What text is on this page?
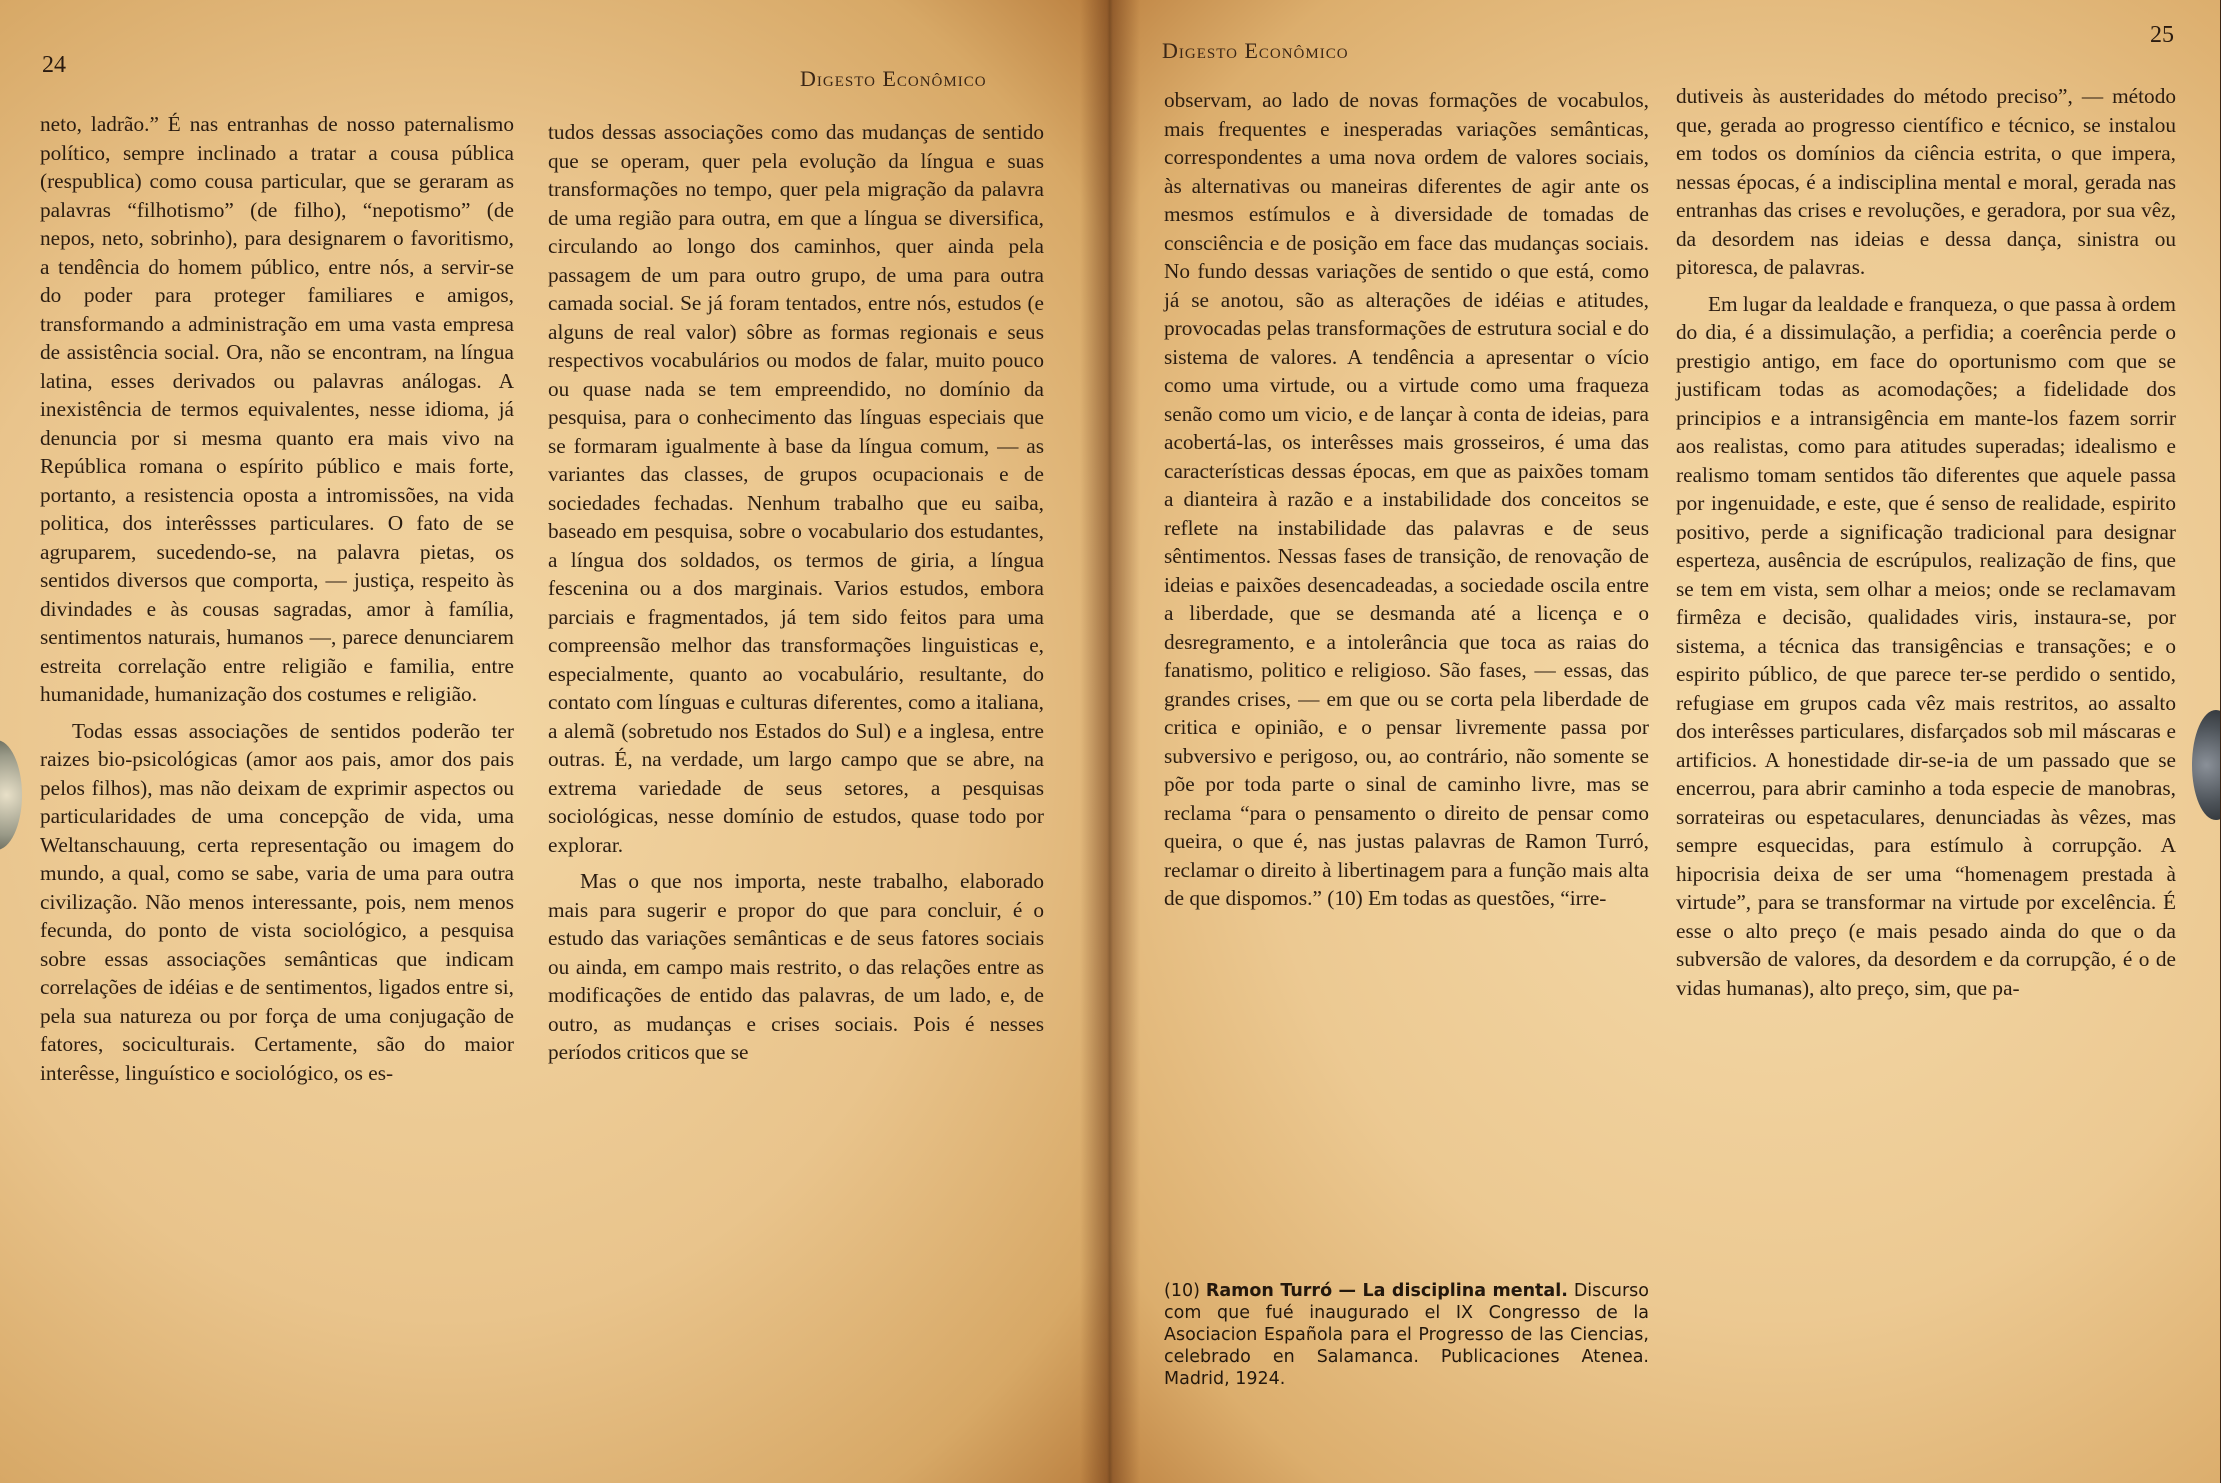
24
Digesto Econômico

neto, ladrão.” É nas entranhas de nosso paternalismo político, sempre inclinado a tratar a cousa pública (respublica) como cousa particular, que se geraram as palavras “filhotismo” (de filho), “nepotismo” (de nepos, neto, sobrinho), para designarem o favoritismo, a tendência do homem público, entre nós, a servir-se do poder para proteger familiares e amigos, transformando a administração em uma vasta empresa de assistência social. Ora, não se encontram, na língua latina, esses derivados ou palavras análogas. A inexistência de termos equivalentes, nesse idioma, já denuncia por si mesma quanto era mais vivo na República romana o espírito público e mais forte, portanto, a resistencia oposta a intromissões, na vida politica, dos interêssses particulares. O fato de se agruparem, sucedendo-se, na palavra pietas, os sentidos diversos que comporta, — justiça, respeito às divindades e às cousas sagradas, amor à família, sentimentos naturais, humanos —, parece denunciarem estreita correlação entre religião e familia, entre humanidade, humanização dos costumes e religião.

Todas essas associações de sentidos poderão ter raizes bio-psicológicas (amor aos pais, amor dos pais pelos filhos), mas não deixam de exprimir aspectos ou particularidades de uma concepção de vida, uma Weltanschauung, certa representação ou imagem do mundo, a qual, como se sabe, varia de uma para outra civilização. Não menos interessante, pois, nem menos fecunda, do ponto de vista sociológico, a pesquisa sobre essas associações semânticas que indicam correlações de idéias e de sentimentos, ligados entre si, pela sua natureza ou por força de uma conjugação de fatores, sociculturais. Certamente, são do maior interêsse, linguístico e sociológico, os es-

tudos dessas associações como das mudanças de sentido que se operam, quer pela evolução da língua e suas transformações no tempo, quer pela migração da palavra de uma região para outra, em que a língua se diversifica, circulando ao longo dos caminhos, quer ainda pela passagem de um para outro grupo, de uma para outra camada social. Se já foram tentados, entre nós, estudos (e alguns de real valor) sôbre as formas regionais e seus respectivos vocabulários ou modos de falar, muito pouco ou quase nada se tem empreendido, no domínio da pesquisa, para o conhecimento das línguas especiais que se formaram igualmente à base da língua comum, — as variantes das classes, de grupos ocupacionais e de sociedades fechadas. Nenhum trabalho que eu saiba, baseado em pesquisa, sobre o vocabulario dos estudantes, a língua dos soldados, os termos de giria, a língua fescenina ou a dos marginais. Varios estudos, embora parciais e fragmentados, já tem sido feitos para uma compreensão melhor das transformações linguisticas e, especialmente, quanto ao vocabulário, resultante, do contato com línguas e culturas diferentes, como a italiana, a alemã (sobretudo nos Estados do Sul) e a inglesa, entre outras. É, na verdade, um largo campo que se abre, na extrema variedade de seus setores, a pesquisas sociológicas, nesse domínio de estudos, quase todo por explorar.

Mas o que nos importa, neste trabalho, elaborado mais para sugerir e propor do que para concluir, é o estudo das variações semânticas e de seus fatores sociais ou ainda, em campo mais restrito, o das relações entre as modificações de entido das palavras, de um lado, e, de outro, as mudanças e crises sociais. Pois é nesses períodos criticos que se

25
Digesto Econômico

observam, ao lado de novas formações de vocabulos, mais frequentes e inesperadas variações semânticas, correspondentes a uma nova ordem de valores sociais, às alternativas ou maneiras diferentes de agir ante os mesmos estímulos e à diversidade de tomadas de consciência e de posição em face das mudanças sociais. No fundo dessas variações de sentido o que está, como já se anotou, são as alterações de idéias e atitudes, provocadas pelas transformações de estrutura social e do sistema de valores. A tendência a apresentar o vício como uma virtude, ou a virtude como uma fraqueza senão como um vicio, e de lançar à conta de ideias, para acobertá-las, os interêsses mais grosseiros, é uma das características dessas épocas, em que as paixões tomam a dianteira à razão e a instabilidade dos conceitos se reflete na instabilidade das palavras e de seus sêntimentos. Nessas fases de transição, de renovação de ideias e paixões desencadeadas, a sociedade oscila entre a liberdade, que se desmanda até a licença e o desregramento, e a intolerância que toca as raias do fanatismo, politico e religioso. São fases, — essas, das grandes crises, — em que ou se corta pela liberdade de critica e opinião, e o pensar livremente passa por subversivo e perigoso, ou, ao contrário, não somente se põe por toda parte o sinal de caminho livre, mas se reclama “para o pensamento o direito de pensar como queira, o que é, nas justas palavras de Ramon Turró, reclamar o direito à libertinagem para a função mais alta de que dispomos.” (10) Em todas as questões, “irre-

(10) Ramon Turró — La disciplina mental. Discurso com que fué inaugurado el IX Congresso de la Asociacion Española para el Progresso de las Ciencias, celebrado en Salamanca. Publicaciones Atenea. Madrid, 1924.

dutiveis às austeridades do método preciso”, — método que, gerada ao progresso científico e técnico, se instalou em todos os domínios da ciência estrita, o que impera, nessas épocas, é a indisciplina mental e moral, gerada nas entranhas das crises e revoluções, e geradora, por sua vêz, da desordem nas ideias e dessa dança, sinistra ou pitoresca, de palavras.

Em lugar da lealdade e franqueza, o que passa à ordem do dia, é a dissimulação, a perfidia; a coerência perde o prestigio antigo, em face do oportunismo com que se justificam todas as acomodações; a fidelidade dos principios e a intransigência em mante-los fazem sorrir aos realistas, como para atitudes superadas; idealismo e realismo tomam sentidos tão diferentes que aquele passa por ingenuidade, e este, que é senso de realidade, espirito positivo, perde a significação tradicional para designar esperteza, ausência de escrúpulos, realização de fins, que se tem em vista, sem olhar a meios; onde se reclamavam firmêza e decisão, qualidades viris, instaura-se, por sistema, a técnica das transigências e transações; e o espirito público, de que parece ter-se perdido o sentido, refugiase em grupos cada vêz mais restritos, ao assalto dos interêsses particulares, disfarçados sob mil máscaras e artificios. A honestidade dir-se-ia de um passado que se encerrou, para abrir caminho a toda especie de manobras, sorrateiras ou espetaculares, denunciadas às vêzes, mas sempre esquecidas, para estímulo à corrupção. A hipocrisia deixa de ser uma “homenagem prestada à virtude”, para se transformar na virtude por excelência. É esse o alto preço (e mais pesado ainda do que o da subversão de valores, da desordem e da corrupção, é o de vidas humanas), alto preço, sim, que pa-
